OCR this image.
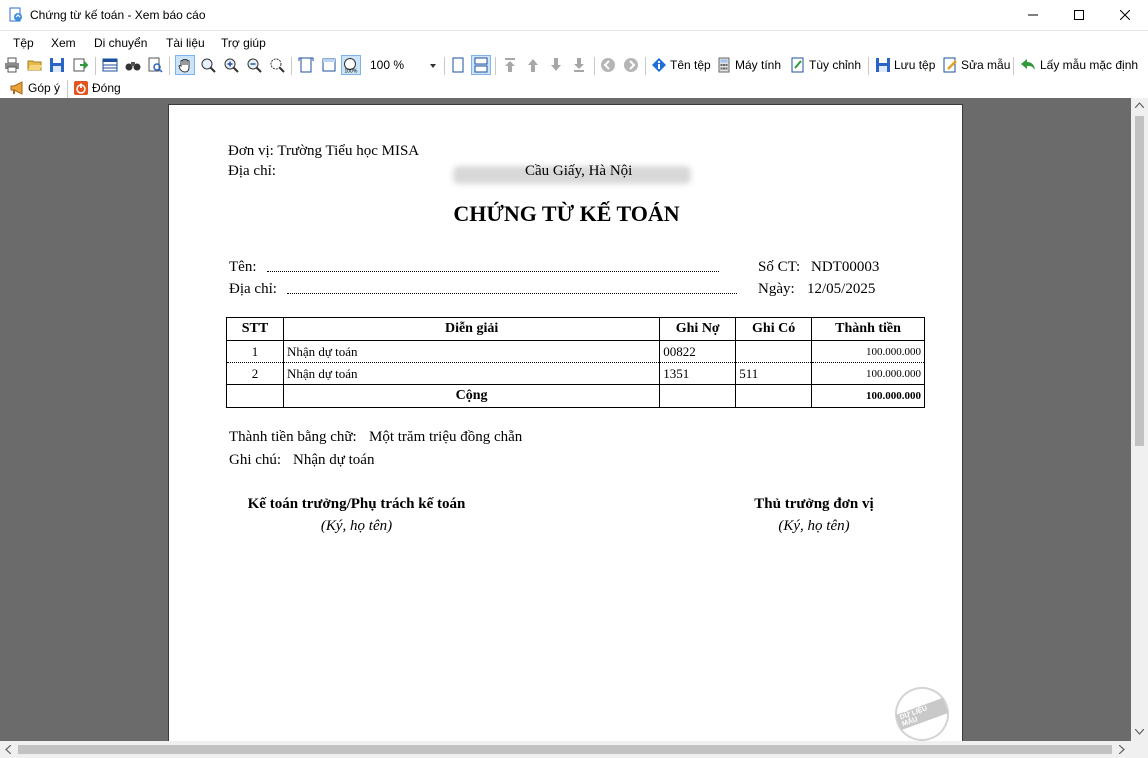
Chứng từ kế toán - Xem báo cáo
Tệp Xem Di chuyển Tài liệu Trợ giúp
100%	100 %	Tên tệp Máy tính Tùy chỉnh	Lưu tệp Sửa mẫu Lấy mẫu mặc định
Góp ý	Đóng
Đơn vị: Trường Tiểu học MISA
Địa chỉ:	Cầu Giấy, Hà Nội
CHỨNG TỪ KẾ TOÁN
Tên:	Số CT: NDT00003
Địa chỉ:	Ngày: 12/05/2025
STT	Diễn giải	Ghi Nợ	Ghi Có	Thành tiền
1	Nhận dự toán	00822		100.000.000
2	Nhận dự toán	1351	511	100.000.000
	Cộng			100.000.000
Thành tiền bằng chữ: Một trăm triệu đồng chẵn
Ghi chú: Nhận dự toán
Kế toán trưởng/Phụ trách kế toán
(Ký, họ tên)
Thủ trưởng đơn vị
(Ký, họ tên)
DỮ LIỆU MẪU
